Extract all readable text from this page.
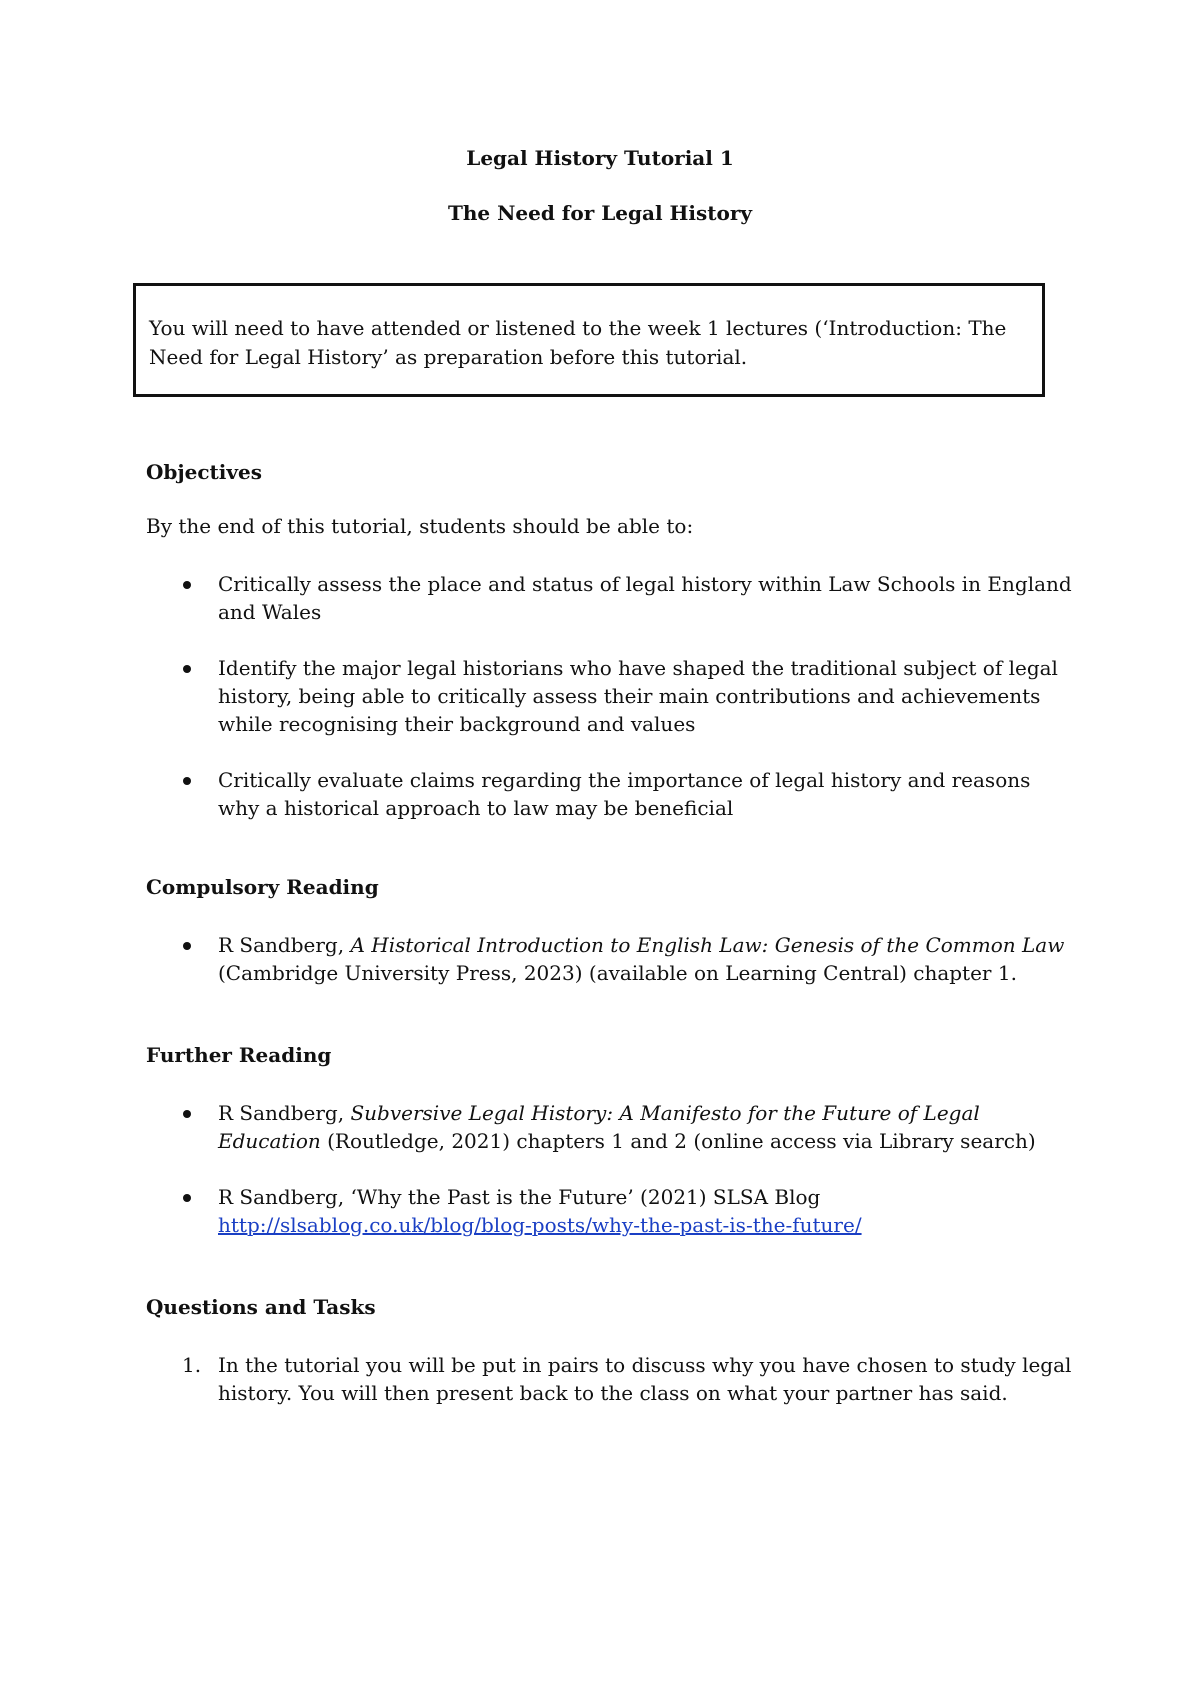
Legal History Tutorial 1
The Need for Legal History
You will need to have attended or listened to the week 1 lectures (‘Introduction: The Need for Legal History’ as preparation before this tutorial.
Objectives
By the end of this tutorial, students should be able to:
Critically assess the place and status of legal history within Law Schools in England and Wales
Identify the major legal historians who have shaped the traditional subject of legal history, being able to critically assess their main contributions and achievements while recognising their background and values
Critically evaluate claims regarding the importance of legal history and reasons why a historical approach to law may be beneficial
Compulsory Reading
R Sandberg, A Historical Introduction to English Law: Genesis of the Common Law (Cambridge University Press, 2023) (available on Learning Central) chapter 1.
Further Reading
R Sandberg, Subversive Legal History: A Manifesto for the Future of Legal Education (Routledge, 2021) chapters 1 and 2 (online access via Library search)
R Sandberg, ‘Why the Past is the Future’ (2021) SLSA Blog
http://slsablog.co.uk/blog/blog-posts/why-the-past-is-the-future/
Questions and Tasks
1. In the tutorial you will be put in pairs to discuss why you have chosen to study legal history. You will then present back to the class on what your partner has said.
